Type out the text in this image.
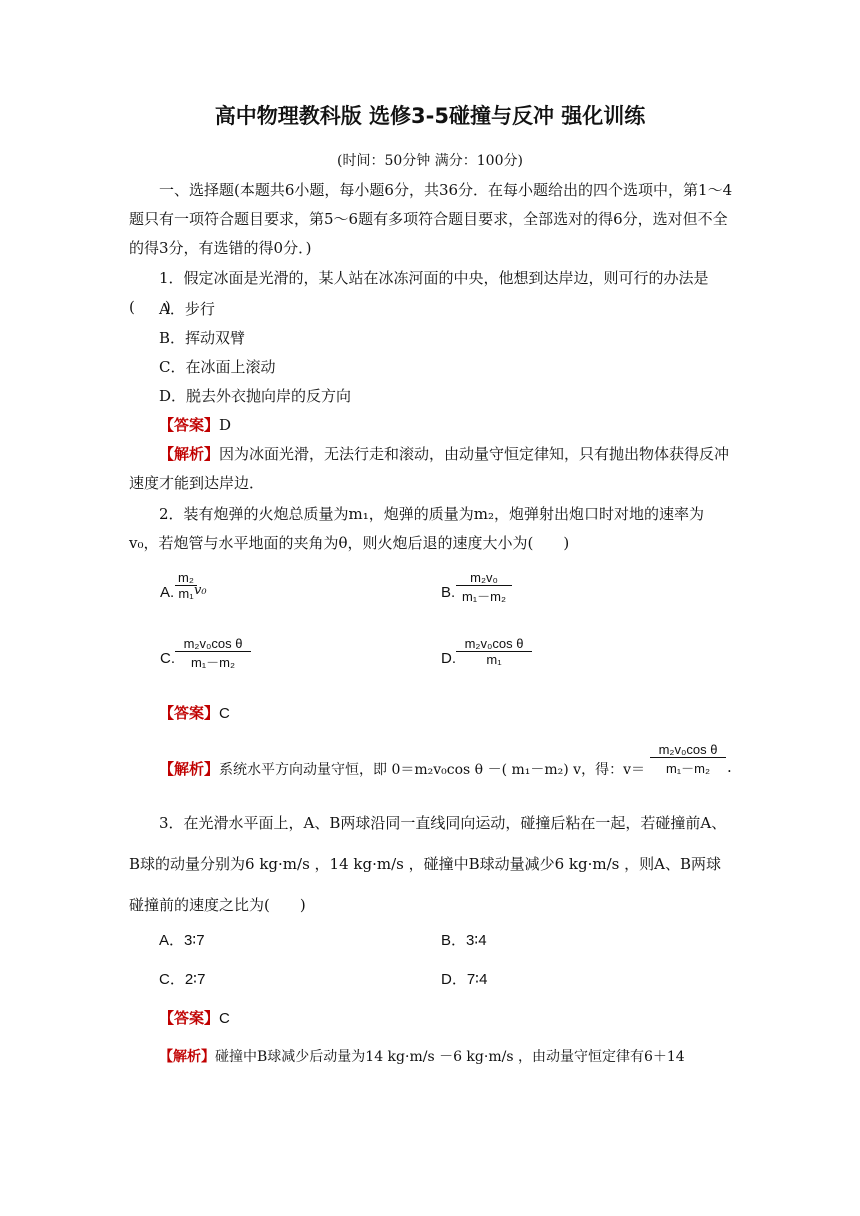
高中物理教科版 选修3-5碰撞与反冲 强化训练
(时间：50分钟 满分：100分)
一、选择题(本题共6小题，每小题6分，共36分．在每小题给出的四个选项中，第1～4题只有一项符合题目要求，第5～6题有多项符合题目要求，全部选对的得6分，选对但不全的得3分，有选错的得0分．)
1．假定冰面是光滑的，某人站在冰冻河面的中央，他想到达岸边，则可行的办法是(　　)
A．步行
B．挥动双臂
C．在冰面上滚动
D．脱去外衣抛向岸的反方向
【答案】D
【解析】因为冰面光滑，无法行走和滚动，由动量守恒定律知，只有抛出物体获得反冲速度才能到达岸边．
2．装有炮弹的火炮总质量为m₁，炮弹的质量为m₂，炮弹射出炮口时对地的速率为v₀，若炮管与水平地面的夹角为θ，则火炮后退的速度大小为(　　)
A.
m₂
m₁ v₀	B.
m₂v₀
m₁－m₂
C.
m₂v₀cos θ
m₁－m₂	D.
m₂v₀cos θ
m₁
【答案】C
【解析】系统水平方向动量守恒，即 0＝m₂v₀cos θ －( m₁－m₂) v，得：v＝
m₂v₀cos θ
m₁－m₂	.
3．在光滑水平面上，A、B两球沿同一直线同向运动，碰撞后粘在一起，若碰撞前A、B球的动量分别为6 kg·m/s ，14 kg·m/s ，碰撞中B球动量减少6 kg·m/s ，则A、B两球碰撞前的速度之比为(　　)
A．3∶7	B．3∶4
C．2∶7	D．7∶4
【答案】C
【解析】碰撞中B球减少后动量为14 kg·m/s －6 kg·m/s ，由动量守恒定律有6＋14
